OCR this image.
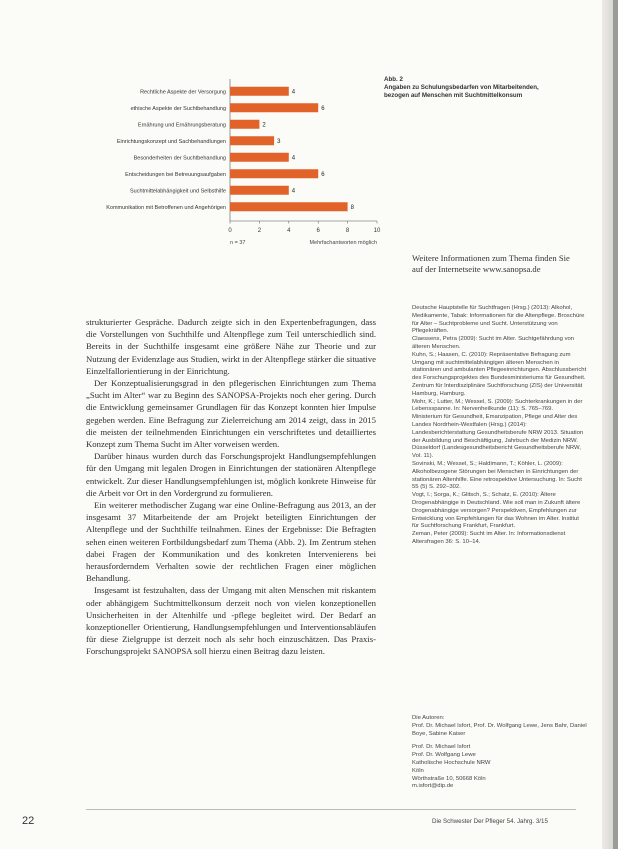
Rechtliche Aspekte der Versorgung	4
ethische Aspekte der Suchtbehandlung	6
Ernährung und Ernährungsberatung	2
Einrichtungskonzept und Sachbehandlungen	3
Besonderheiten der Suchtbehandlung	4
Entscheidungen bei Betreuungsaufgaben	6
Suchtmittelabhängigkeit und Selbsthilfe	4
Kommunikation mit Betroffenen und Angehörigen	8
0	2	4	6	8	10
n = 37	Mehrfachantworten möglich
Abb. 2
Angaben zu Schulungsbedarfen von Mitarbeitenden, bezogen auf Menschen mit Suchtmittelkonsum
Weitere Informationen zum Thema finden Sie auf der Internetseite www.sanopsa.de

strukturierter Gespräche. Dadurch zeigte sich in den Expertenbefragungen, dass die Vorstellungen von Suchthilfe und Altenpflege zum Teil unterschiedlich sind. Bereits in der Suchthilfe insgesamt eine größere Nähe zur Theorie und zur Nutzung der Evidenzlage aus Studien, wirkt in der Altenpflege stärker die situative Einzelfallorientierung in der Einrichtung.

Der Konzeptualisierungsgrad in den pflegerischen Einrichtungen zum Thema „Sucht im Alter“ war zu Beginn des SANOPSA-Projekts noch eher gering. Durch die Entwicklung gemeinsamer Grundlagen für das Konzept konnten hier Impulse gegeben werden. Eine Befragung zur Zielerreichung am 2014 zeigt, dass in 2015 die meisten der teilnehmenden Einrichtungen ein verschriftetes und detailliertes Konzept zum Thema Sucht im Alter vorweisen werden.

Darüber hinaus wurden durch das Forschungsprojekt Handlungsempfehlungen für den Umgang mit legalen Drogen in Einrichtungen der stationären Altenpflege entwickelt. Zur dieser Handlungsempfehlungen ist, möglich konkrete Hinweise für die Arbeit vor Ort in den Vordergrund zu formulieren.

Ein weiterer methodischer Zugang war eine Online-Befragung aus 2013, an der insgesamt 37 Mitarbeitende der am Projekt beteiligten Einrichtungen der Altenpflege und der Suchthilfe teilnahmen. Eines der Ergebnisse: Die Befragten sehen einen weiteren Fortbildungsbedarf zum Thema (Abb. 2). Im Zentrum stehen dabei Fragen der Kommunikation und des konkreten Intervenierens bei herausforderndem Verhalten sowie der rechtlichen Fragen einer möglichen Behandlung.

Insgesamt ist festzuhalten, dass der Umgang mit alten Menschen mit riskantem oder abhängigem Suchtmittelkonsum derzeit noch von vielen konzeptionellen Unsicherheiten in der Altenhilfe und -pflege begleitet wird. Der Bedarf an konzeptioneller Orientierung, Handlungsempfehlungen und Interventionsabläufen für diese Zielgruppe ist derzeit noch als sehr hoch einzuschätzen. Das Praxis-Forschungsprojekt SANOPSA soll hierzu einen Beitrag dazu leisten.

Deutsche Hauptstelle für Suchtfragen (Hrsg.) (2013): Alkohol, Medikamente, Tabak: Informationen für die Altenpflege. Broschüre für Alter – Suchtprobleme und Sucht. Unterstützung von Pflegekräften.

Claessens, Petra (2009): Sucht im Alter. Suchtgefährdung von älteren Menschen.

Kuhn, S.; Haasen, C. (2010): Repräsentative Befragung zum Umgang mit suchtmittelabhängigen älteren Menschen in stationären und ambulanten Pflegeeinrichtungen. Abschlussbericht des Forschungsprojektes des Bundesministeriums für Gesundheit. Zentrum für Interdisziplinäre Suchtforschung (ZIS) der Universität Hamburg, Hamburg.

Mohr, K.; Lutter, M.; Wessel, S. (2009): Suchterkrankungen in der Lebensspanne. In: Nervenheilkunde (11): S. 765–769.

Ministerium für Gesundheit, Emanzipation, Pflege und Alter des Landes Nordrhein-Westfalen (Hrsg.) (2014): Landesberichterstattung Gesundheitsberufe NRW 2013. Situation der Ausbildung und Beschäftigung, Jahrbuch der Medizin NRW. Düsseldorf (Landesgesundheitsbericht Gesundheitsberufe NRW, Vol. 11).

Sovinski, M.; Wessel, S.; Haldimann, T.; Köhler, L. (2009): Alkoholbezogene Störungen bei Menschen in Einrichtungen der stationären Altenhilfe. Eine retrospektive Untersuchung. In: Sucht 55 (5) S. 292–302.

Vogt, I.; Sorga, K.; Glitsch, S.; Schatz, E. (2010): Ältere Drogenabhängige in Deutschland. Wie soll man in Zukunft ältere Drogenabhängige versorgen? Perspektiven, Empfehlungen zur Entwicklung von Empfehlungen für das Wohnen im Alter. Institut für Suchtforschung Frankfurt, Frankfurt.

Zeman, Peter (2009): Sucht im Alter. In: Informationsdienst Altersfragen 36: S. 10–14.

Die Autoren:
Prof. Dr. Michael Isfort, Prof. Dr. Wolfgang Lewe, Jens Bahr, Daniel Boye, Sabine Kaiser
Prof. Dr. Michael Isfort
Prof. Dr. Wolfgang Lewe
Katholische Hochschule NRW
Köln
Wörthstraße 10, 50668 Köln
m.isfort@dip.de
22	Die Schwester Der Pfleger 54. Jahrg. 3/15
